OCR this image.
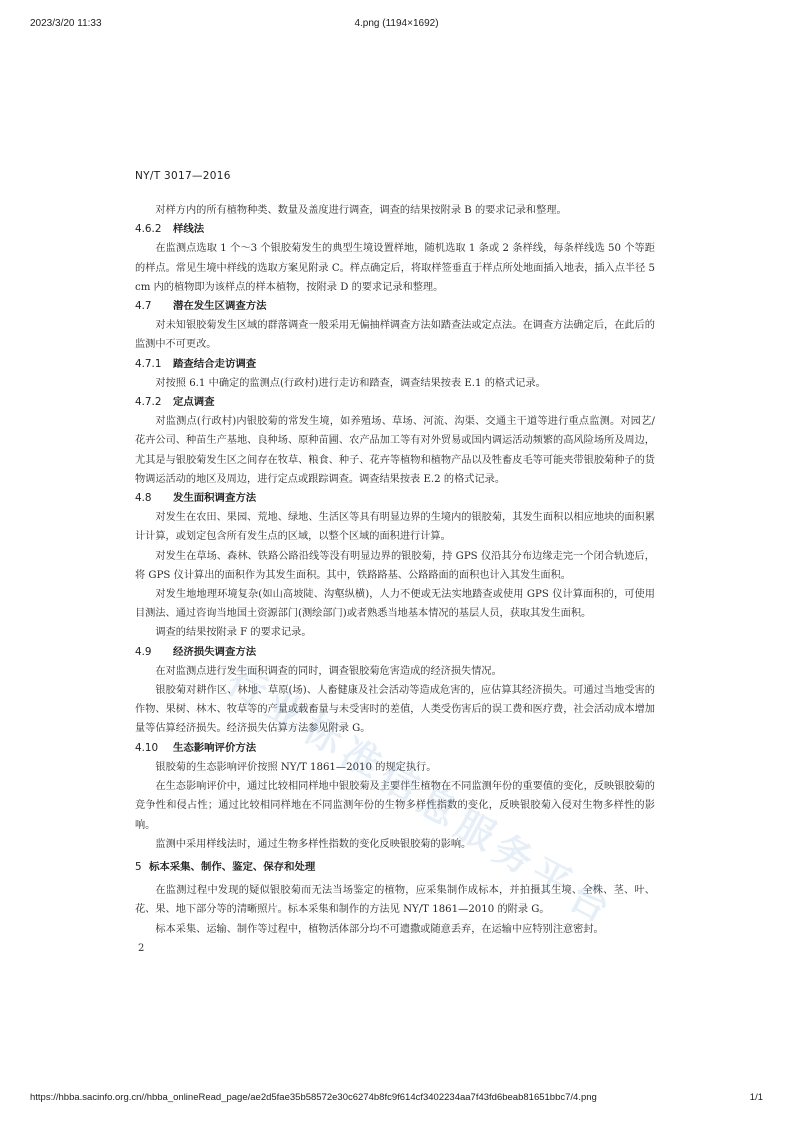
2023/3/20 11:33	4.png (1194×1692)
NY/T 3017—2016

对样方内的所有植物种类、数量及盖度进行调查，调查的结果按附录 B 的要求记录和整理。

4.6.2 样线法

在监测点选取 1 个～3 个银胶菊发生的典型生境设置样地，随机选取 1 条或 2 条样线，每条样线选 50 个等距的样点。常见生境中样线的选取方案见附录 C。样点确定后，将取样签垂直于样点所处地面插入地表，插入点半径 5 cm 内的植物即为该样点的样本植物，按附录 D 的要求记录和整理。

4.7 潜在发生区调查方法

对未知银胶菊发生区域的群落调查一般采用无偏抽样调查方法如踏查法或定点法。在调查方法确定后，在此后的监测中不可更改。

4.7.1 踏查结合走访调查

对按照 6.1 中确定的监测点(行政村)进行走访和踏查，调查结果按表 E.1 的格式记录。

4.7.2 定点调查

对监测点(行政村)内银胶菊的常发生境，如养殖场、草场、河流、沟渠、交通主干道等进行重点监测。对园艺/花卉公司、种苗生产基地、良种场、原种苗圃、农产品加工等有对外贸易或国内调运活动频繁的高风险场所及周边，尤其是与银胶菊发生区之间存在牧草、粮食、种子、花卉等植物和植物产品以及牲畜皮毛等可能夹带银胶菊种子的货物调运活动的地区及周边，进行定点或跟踪调查。调查结果按表 E.2 的格式记录。

4.8 发生面积调查方法

对发生在农田、果园、荒地、绿地、生活区等具有明显边界的生境内的银胶菊，其发生面积以相应地块的面积累计计算，或划定包含所有发生点的区域，以整个区域的面积进行计算。

对发生在草场、森林、铁路公路沿线等没有明显边界的银胶菊，持 GPS 仪沿其分布边缘走完一个闭合轨迹后，将 GPS 仪计算出的面积作为其发生面积。其中，铁路路基、公路路面的面积也计入其发生面积。

对发生地地理环境复杂(如山高坡陡、沟壑纵横)，人力不便或无法实地踏查或使用 GPS 仪计算面积的，可使用目测法、通过咨询当地国土资源部门(测绘部门)或者熟悉当地基本情况的基层人员，获取其发生面积。

调查的结果按附录 F 的要求记录。

4.9 经济损失调查方法

在对监测点进行发生面积调查的同时，调查银胶菊危害造成的经济损失情况。

银胶菊对耕作区、林地、草原(场)、人畜健康及社会活动等造成危害的，应估算其经济损失。可通过当地受害的作物、果树、林木、牧草等的产量或载畜量与未受害时的差值，人类受伤害后的误工费和医疗费，社会活动成本增加量等估算经济损失。经济损失估算方法参见附录 G。

4.10 生态影响评价方法

银胶菊的生态影响评价按照 NY/T 1861—2010 的规定执行。

在生态影响评价中，通过比较相同样地中银胶菊及主要伴生植物在不同监测年份的重要值的变化，反映银胶菊的竞争性和侵占性；通过比较相同样地在不同监测年份的生物多样性指数的变化，反映银胶菊入侵对生物多样性的影响。

监测中采用样线法时，通过生物多样性指数的变化反映银胶菊的影响。

5 标本采集、制作、鉴定、保存和处理

在监测过程中发现的疑似银胶菊而无法当场鉴定的植物，应采集制作成标本，并拍摄其生境、全株、茎、叶、花、果、地下部分等的清晰照片。标本采集和制作的方法见 NY/T 1861—2010 的附录 G。

标本采集、运输、制作等过程中，植物活体部分均不可遗撒或随意丢弃，在运输中应特别注意密封。

2
行
业
标
准
信
息
服
务
平
台
https://hbba.sacinfo.org.cn//hbba_onlineRead_page/ae2d5fae35b58572e30c6274b8fc9f614cf3402234aa7f43fd6beab81651bbc7/4.png	1/1
